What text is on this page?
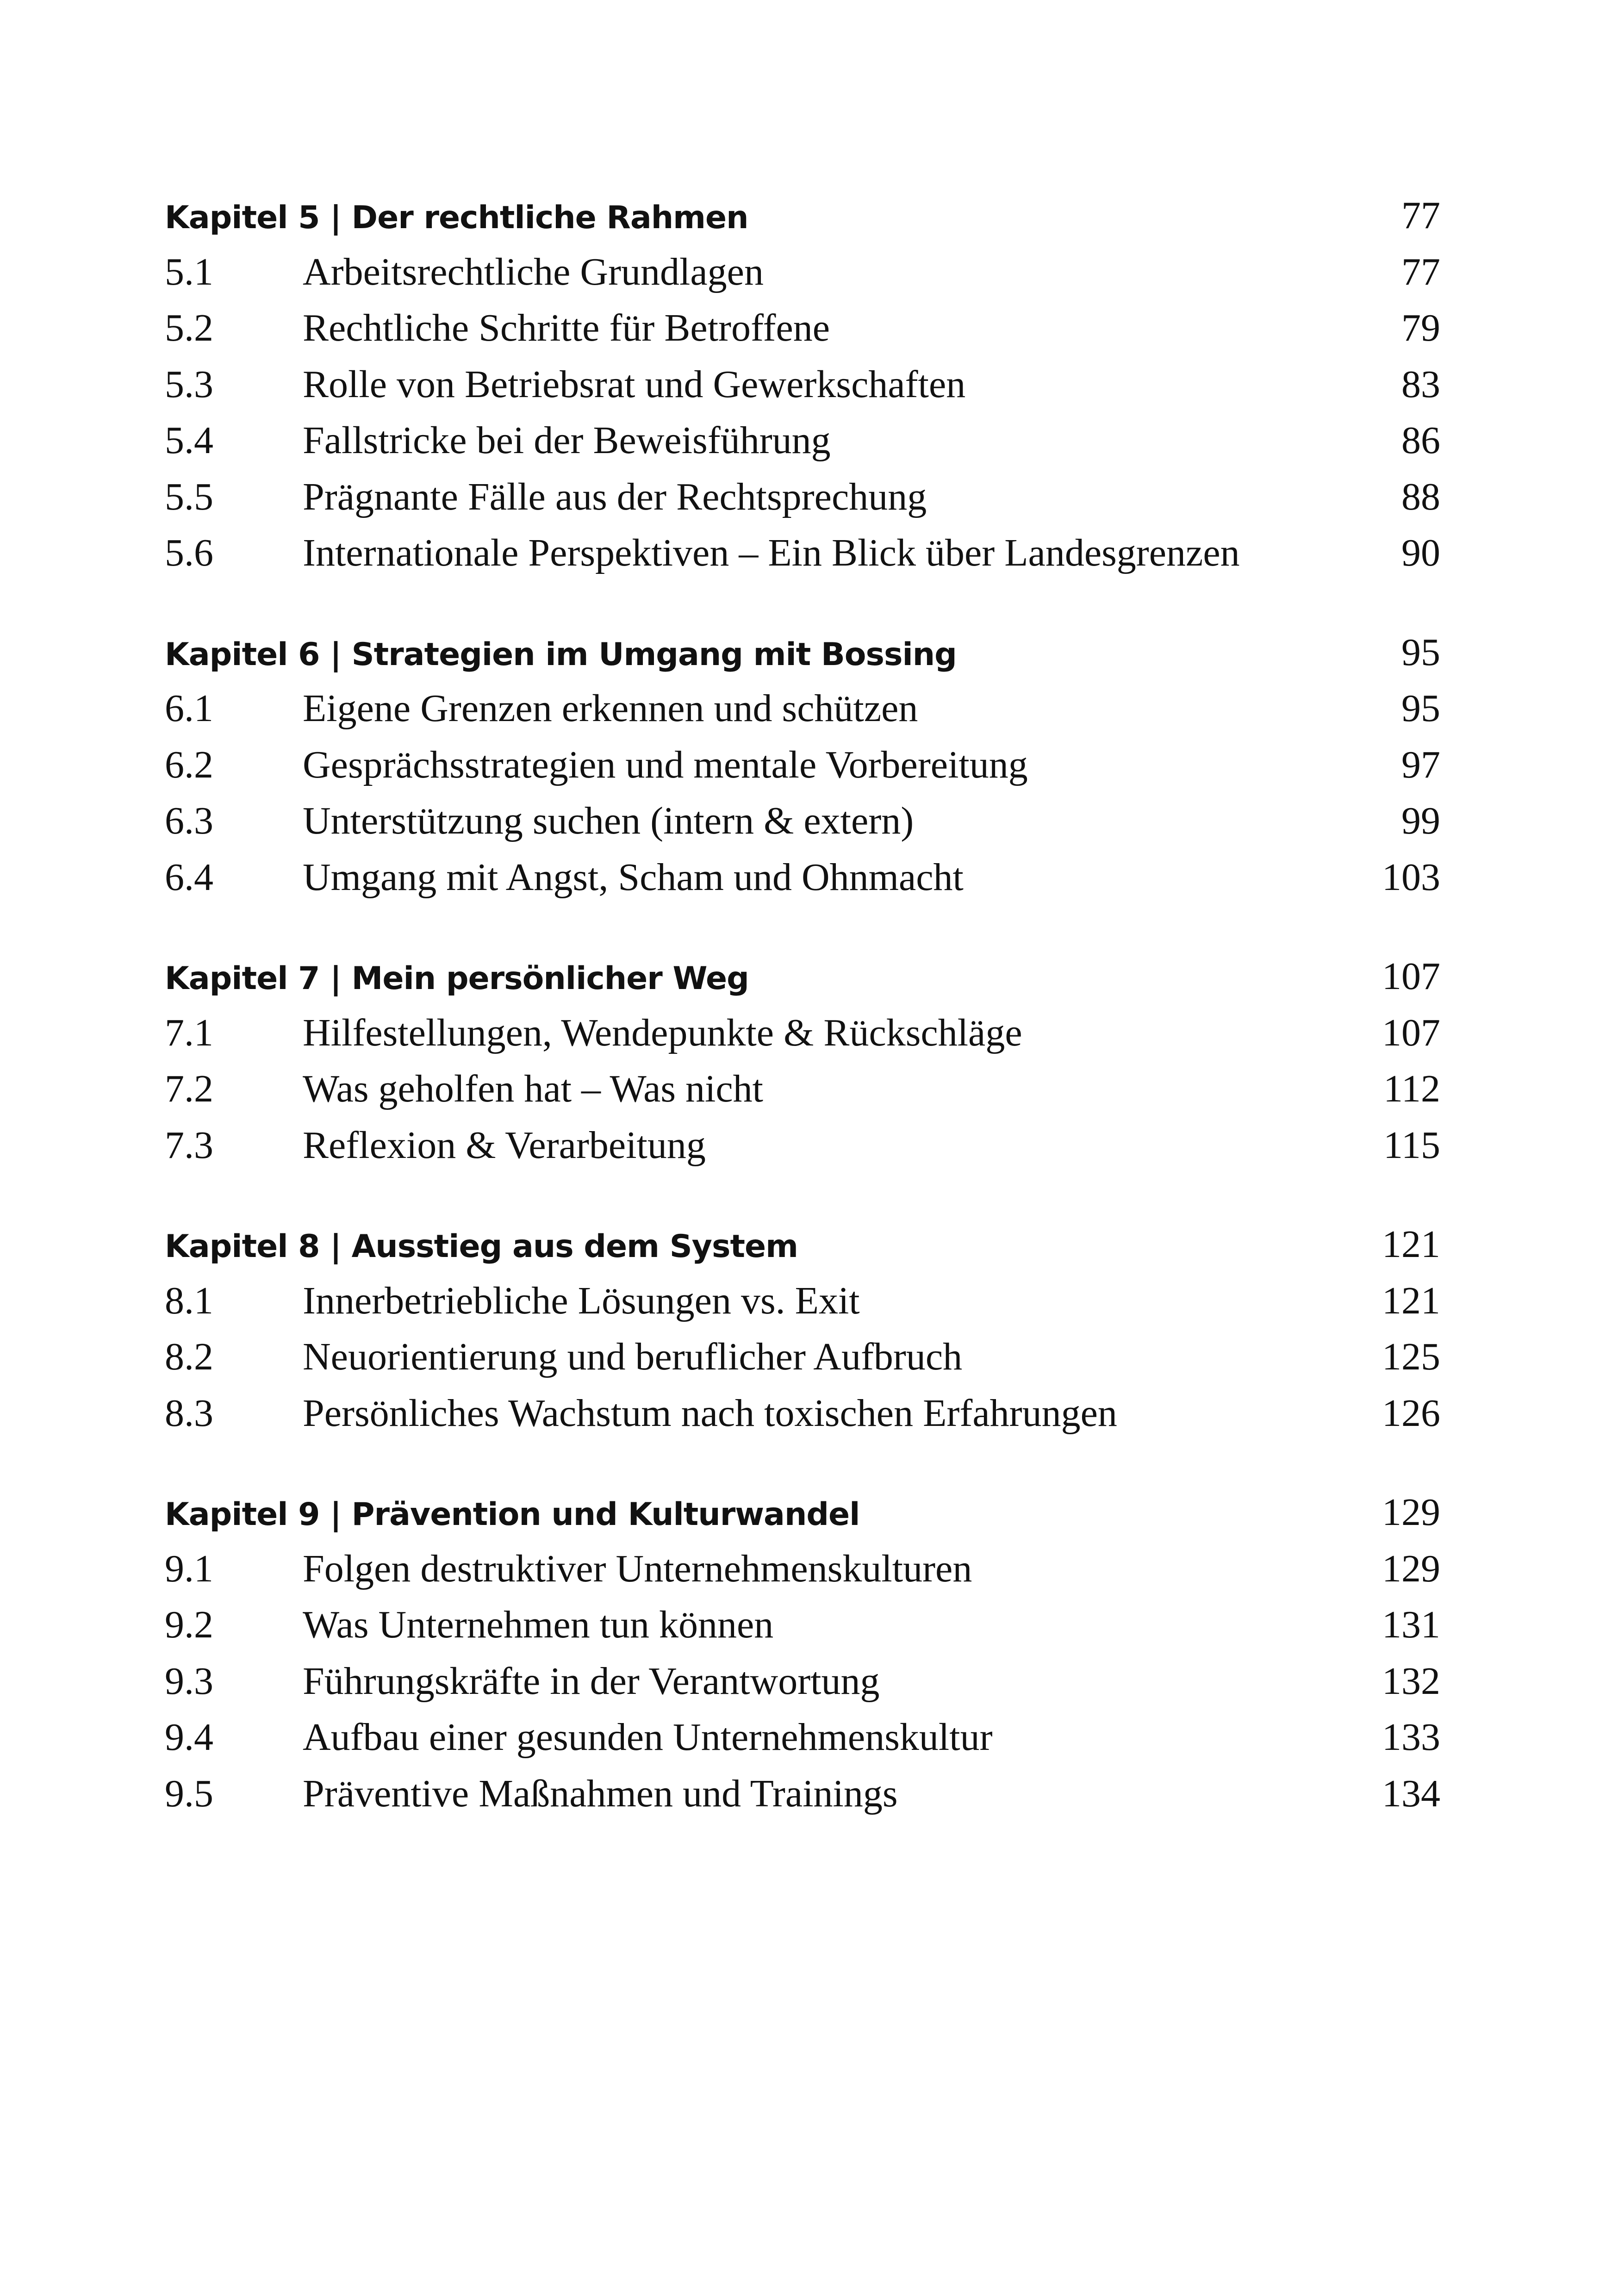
Kapitel 5 | Der rechtliche Rahmen	77
5.1	Arbeitsrechtliche Grundlagen	77
5.2	Rechtliche Schritte für Betroffene	79
5.3	Rolle von Betriebsrat und Gewerkschaften	83
5.4	Fallstricke bei der Beweisführung	86
5.5	Prägnante Fälle aus der Rechtsprechung	88
5.6	Internationale Perspektiven – Ein Blick über Landesgrenzen	90
Kapitel 6 | Strategien im Umgang mit Bossing	95
6.1	Eigene Grenzen erkennen und schützen	95
6.2	Gesprächsstrategien und mentale Vorbereitung	97
6.3	Unterstützung suchen (intern & extern)	99
6.4	Umgang mit Angst, Scham und Ohnmacht	103
Kapitel 7 | Mein persönlicher Weg	107
7.1	Hilfestellungen, Wendepunkte & Rückschläge	107
7.2	Was geholfen hat – Was nicht	112
7.3	Reflexion & Verarbeitung	115
Kapitel 8 | Ausstieg aus dem System	121
8.1	Innerbetriebliche Lösungen vs. Exit	121
8.2	Neuorientierung und beruflicher Aufbruch	125
8.3	Persönliches Wachstum nach toxischen Erfahrungen	126
Kapitel 9 | Prävention und Kulturwandel	129
9.1	Folgen destruktiver Unternehmenskulturen	129
9.2	Was Unternehmen tun können	131
9.3	Führungskräfte in der Verantwortung	132
9.4	Aufbau einer gesunden Unternehmenskultur	133
9.5	Präventive Maßnahmen und Trainings	134
